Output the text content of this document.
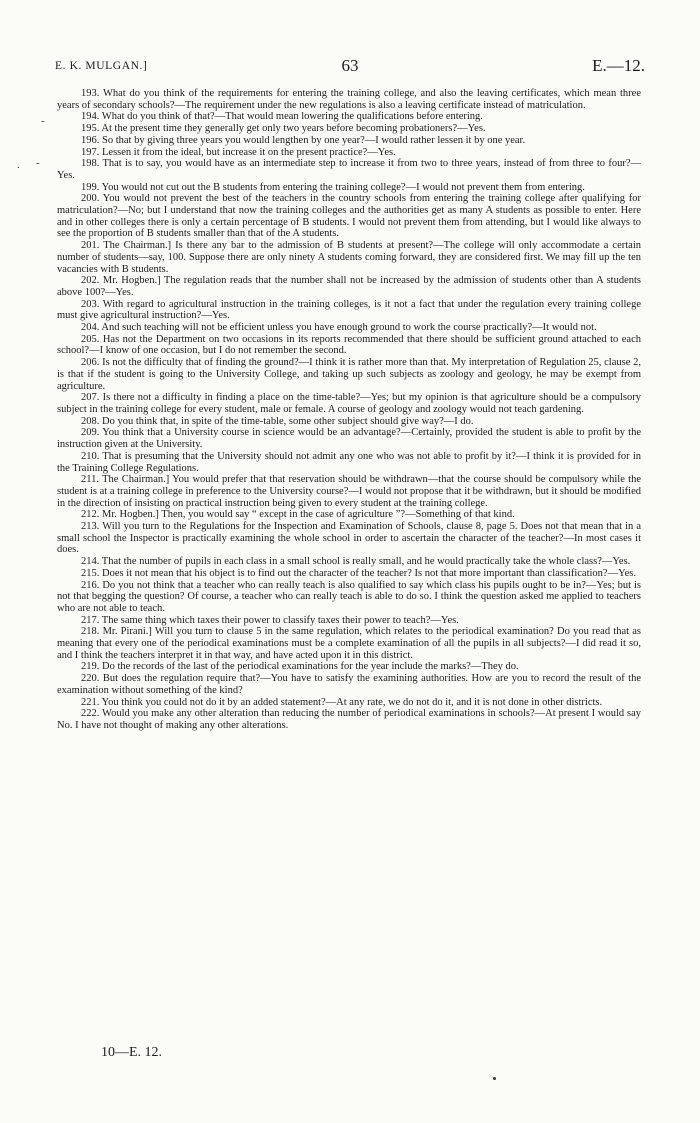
E. K. MULGAN.]	63	E.—12.
-
. -

193. What do you think of the requirements for entering the training college, and also the leaving certificates, which mean three years of secondary schools?—The requirement under the new regulations is also a leaving certificate instead of matriculation.

194. What do you think of that?—That would mean lowering the qualifications before entering.

195. At the present time they generally get only two years before becoming probationers?—Yes.

196. So that by giving three years you would lengthen by one year?—I would rather lessen it by one year.

197. Lessen it from the ideal, but increase it on the present practice?—Yes.

198. That is to say, you would have as an intermediate step to increase it from two to three years, instead of from three to four?—Yes.

199. You would not cut out the B students from entering the training college?—I would not prevent them from entering.

200. You would not prevent the best of the teachers in the country schools from entering the training college after qualifying for matriculation?—No; but I understand that now the training colleges and the authorities get as many A students as possible to enter. Here and in other colleges there is only a certain percentage of B students. I would not prevent them from attending, but I would like always to see the proportion of B students smaller than that of the A students.

201. The Chairman.] Is there any bar to the admission of B students at present?—The college will only accommodate a certain number of students—say, 100. Suppose there are only ninety A students coming forward, they are considered first. We may fill up the ten vacancies with B students.

202. Mr. Hogben.] The regulation reads that the number shall not be increased by the admission of students other than A students above 100?—Yes.

203. With regard to agricultural instruction in the training colleges, is it not a fact that under the regulation every training college must give agricultural instruction?—Yes.

204. And such teaching will not be efficient unless you have enough ground to work the course practically?—It would not.

205. Has not the Department on two occasions in its reports recommended that there should be sufficient ground attached to each school?—I know of one occasion, but I do not remember the second.

206. Is not the difficulty that of finding the ground?—I think it is rather more than that. My interpretation of Regulation 25, clause 2, is that if the student is going to the University College, and taking up such subjects as zoology and geology, he may be exempt from agriculture.

207. Is there not a difficulty in finding a place on the time-table?—Yes; but my opinion is that agriculture should be a compulsory subject in the training college for every student, male or female. A course of geology and zoology would not teach gardening.

208. Do you think that, in spite of the time-table, some other subject should give way?—I do.

209. You think that a University course in science would be an advantage?—Certainly, provided the student is able to profit by the instruction given at the University.

210. That is presuming that the University should not admit any one who was not able to profit by it?—I think it is provided for in the Training College Regulations.

211. The Chairman.] You would prefer that that reservation should be withdrawn—that the course should be compulsory while the student is at a training college in preference to the University course?—I would not propose that it be withdrawn, but it should be modified in the direction of insisting on practical instruction being given to every student at the training college.

212. Mr. Hogben.] Then, you would say “ except in the case of agriculture ”?—Something of that kind.

213. Will you turn to the Regulations for the Inspection and Examination of Schools, clause 8, page 5. Does not that mean that in a small school the Inspector is practically examining the whole school in order to ascertain the character of the teacher?—In most cases it does.

214. That the number of pupils in each class in a small school is really small, and he would practically take the whole class?—Yes.

215. Does it not mean that his object is to find out the character of the teacher? Is not that more important than classification?—Yes.

216. Do you not think that a teacher who can really teach is also qualified to say which class his pupils ought to be in?—Yes; but is not that begging the question? Of course, a teacher who can really teach is able to do so. I think the question asked me applied to teachers who are not able to teach.

217. The same thing which taxes their power to classify taxes their power to teach?—Yes.

218. Mr. Pirani.] Will you turn to clause 5 in the same regulation, which relates to the periodical examination? Do you read that as meaning that every one of the periodical examinations must be a complete examination of all the pupils in all subjects?—I did read it so, and I think the teachers interpret it in that way, and have acted upon it in this district.

219. Do the records of the last of the periodical examinations for the year include the marks?—They do.

220. But does the regulation require that?—You have to satisfy the examining authorities. How are you to record the result of the examination without something of the kind?

221. You think you could not do it by an added statement?—At any rate, we do not do it, and it is not done in other districts.

222. Would you make any other alteration than reducing the number of periodical examinations in schools?—At present I would say No. I have not thought of making any other alterations.

10—E. 12.
